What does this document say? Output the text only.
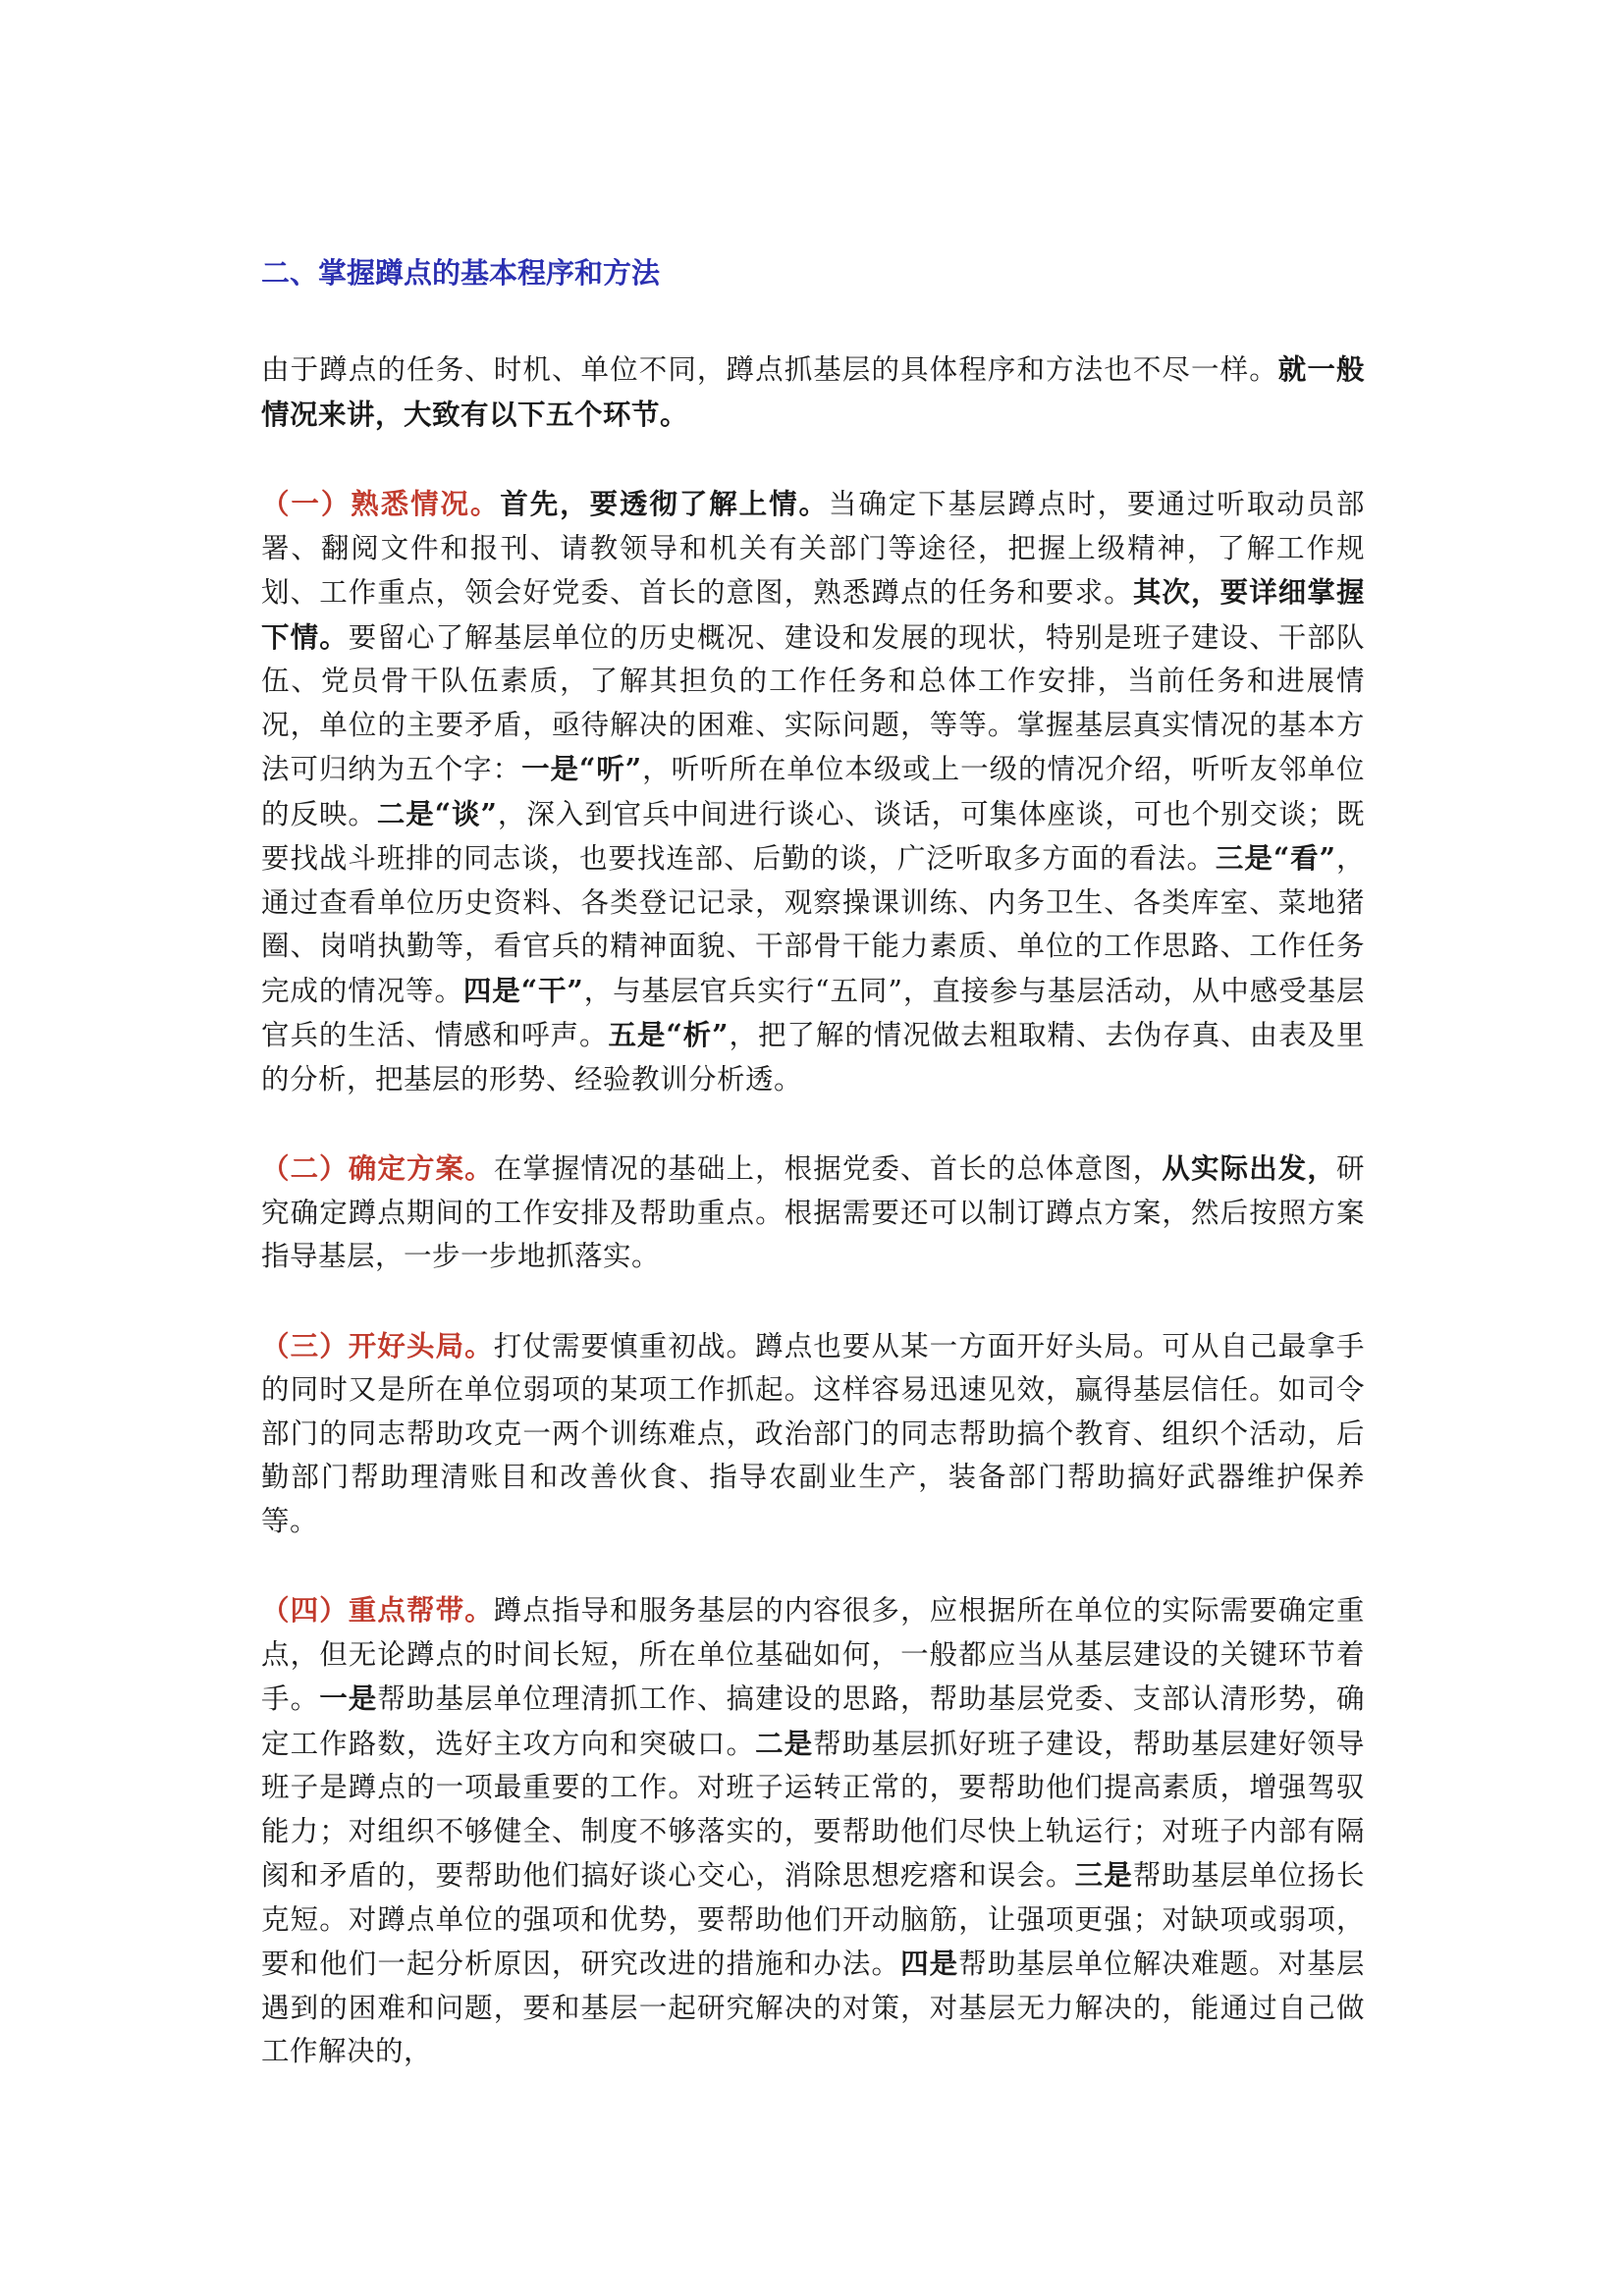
二、掌握蹲点的基本程序和方法

由于蹲点的任务、时机、单位不同，蹲点抓基层的具体程序和方法也不尽一样。就一般情况来讲，大致有以下五个环节。

（一）熟悉情况。首先，要透彻了解上情。当确定下基层蹲点时，要通过听取动员部署、翻阅文件和报刊、请教领导和机关有关部门等途径，把握上级精神，了解工作规划、工作重点，领会好党委、首长的意图，熟悉蹲点的任务和要求。其次，要详细掌握下情。要留心了解基层单位的历史概况、建设和发展的现状，特别是班子建设、干部队伍、党员骨干队伍素质，了解其担负的工作任务和总体工作安排，当前任务和进展情况，单位的主要矛盾，亟待解决的困难、实际问题，等等。掌握基层真实情况的基本方法可归纳为五个字：一是“听”，听听所在单位本级或上一级的情况介绍，听听友邻单位的反映。二是“谈”，深入到官兵中间进行谈心、谈话，可集体座谈，可也个别交谈；既要找战斗班排的同志谈，也要找连部、后勤的谈，广泛听取多方面的看法。三是“看”，通过查看单位历史资料、各类登记记录，观察操课训练、内务卫生、各类库室、菜地猪圈、岗哨执勤等，看官兵的精神面貌、干部骨干能力素质、单位的工作思路、工作任务完成的情况等。四是“干”，与基层官兵实行“五同”，直接参与基层活动，从中感受基层官兵的生活、情感和呼声。五是“析”，把了解的情况做去粗取精、去伪存真、由表及里的分析，把基层的形势、经验教训分析透。

（二）确定方案。在掌握情况的基础上，根据党委、首长的总体意图，从实际出发，研究确定蹲点期间的工作安排及帮助重点。根据需要还可以制订蹲点方案，然后按照方案指导基层，一步一步地抓落实。

（三）开好头局。打仗需要慎重初战。蹲点也要从某一方面开好头局。可从自己最拿手的同时又是所在单位弱项的某项工作抓起。这样容易迅速见效，赢得基层信任。如司令部门的同志帮助攻克一两个训练难点，政治部门的同志帮助搞个教育、组织个活动，后勤部门帮助理清账目和改善伙食、指导农副业生产，装备部门帮助搞好武器维护保养等。

（四）重点帮带。蹲点指导和服务基层的内容很多，应根据所在单位的实际需要确定重点，但无论蹲点的时间长短，所在单位基础如何，一般都应当从基层建设的关键环节着手。一是帮助基层单位理清抓工作、搞建设的思路，帮助基层党委、支部认清形势，确定工作路数，选好主攻方向和突破口。二是帮助基层抓好班子建设，帮助基层建好领导班子是蹲点的一项最重要的工作。对班子运转正常的，要帮助他们提高素质，增强驾驭能力；对组织不够健全、制度不够落实的，要帮助他们尽快上轨运行；对班子内部有隔阂和矛盾的，要帮助他们搞好谈心交心，消除思想疙瘩和误会。三是帮助基层单位扬长克短。对蹲点单位的强项和优势，要帮助他们开动脑筋，让强项更强；对缺项或弱项，要和他们一起分析原因，研究改进的措施和办法。四是帮助基层单位解决难题。对基层遇到的困难和问题，要和基层一起研究解决的对策，对基层无力解决的，能通过自己做工作解决的，
